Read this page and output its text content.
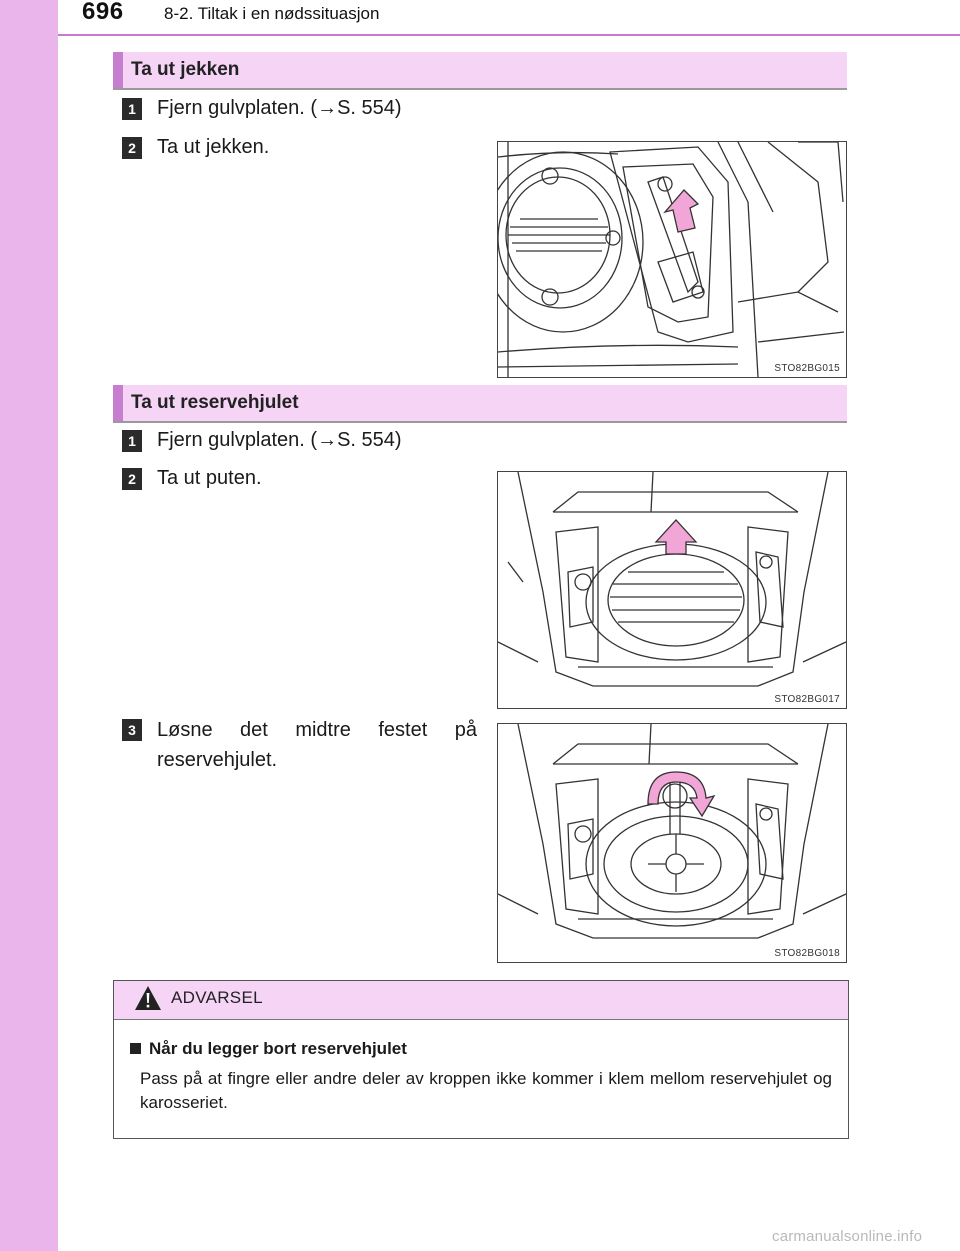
696 8-2. Tiltak i en nødssituasjon
Ta ut jekken
1	Fjern gulvplaten. (→S. 554)
2	Ta ut jekken.
STO82BG015
Ta ut reservehjulet
1	Fjern gulvplaten. (→S. 554)
2	Ta ut puten.
STO82BG017
3	Løsne det midtre festet på reservehjulet.
STO82BG018
ADVARSEL
Når du legger bort reservehjulet
Pass på at fingre eller andre deler av kroppen ikke kommer i klem mellom reservehjulet og karosseriet.
carmanualsonline.info
